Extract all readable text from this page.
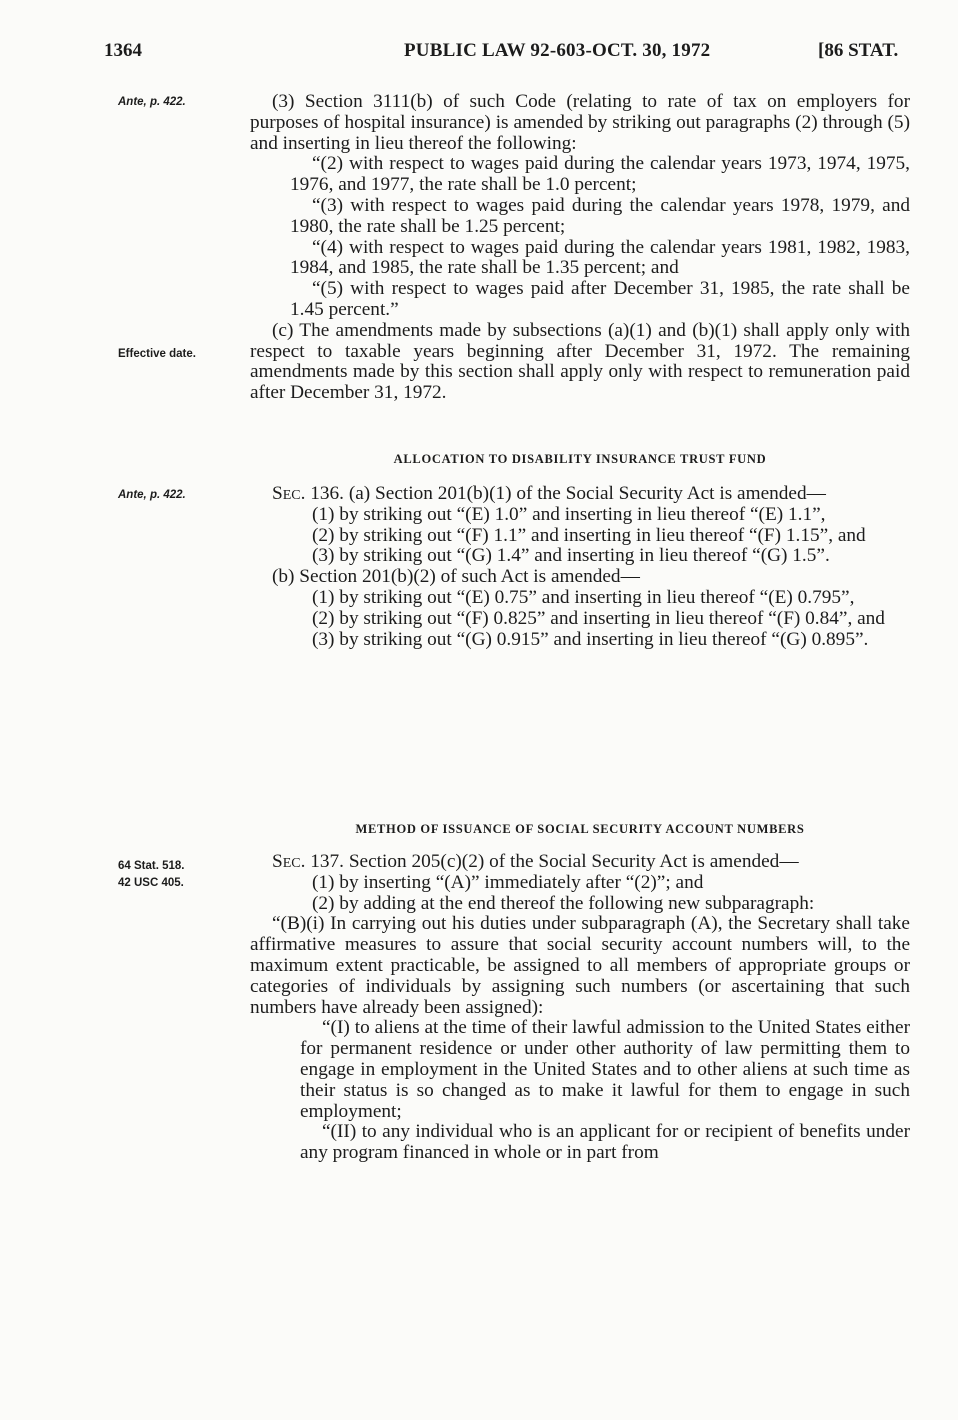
1364	PUBLIC LAW 92-603-OCT. 30, 1972	[86 STAT.
Ante, p. 422.
Effective date.
Ante, p. 422.
64 Stat. 518.
42 USC 405.

(3) Section 3111(b) of such Code (relating to rate of tax on employers for purposes of hospital insurance) is amended by striking out paragraphs (2) through (5) and inserting in lieu thereof the following:

“(2) with respect to wages paid during the calendar years 1973, 1974, 1975, 1976, and 1977, the rate shall be 1.0 percent;

“(3) with respect to wages paid during the calendar years 1978, 1979, and 1980, the rate shall be 1.25 percent;

“(4) with respect to wages paid during the calendar years 1981, 1982, 1983, 1984, and 1985, the rate shall be 1.35 percent; and

“(5) with respect to wages paid after December 31, 1985, the rate shall be 1.45 percent.”

(c) The amendments made by subsections (a)(1) and (b)(1) shall apply only with respect to taxable years beginning after December 31, 1972. The remaining amendments made by this section shall apply only with respect to remuneration paid after December 31, 1972.

ALLOCATION TO DISABILITY INSURANCE TRUST FUND

Sec. 136. (a) Section 201(b)(1) of the Social Security Act is amended—

(1) by striking out “(E) 1.0” and inserting in lieu thereof “(E) 1.1”,

(2) by striking out “(F) 1.1” and inserting in lieu thereof “(F) 1.15”, and

(3) by striking out “(G) 1.4” and inserting in lieu thereof “(G) 1.5”.

(b) Section 201(b)(2) of such Act is amended—

(1) by striking out “(E) 0.75” and inserting in lieu thereof “(E) 0.795”,

(2) by striking out “(F) 0.825” and inserting in lieu thereof “(F) 0.84”, and

(3) by striking out “(G) 0.915” and inserting in lieu thereof “(G) 0.895”.

METHOD OF ISSUANCE OF SOCIAL SECURITY ACCOUNT NUMBERS

Sec. 137. Section 205(c)(2) of the Social Security Act is amended—

(1) by inserting “(A)” immediately after “(2)”; and

(2) by adding at the end thereof the following new subparagraph:

“(B)(i) In carrying out his duties under subparagraph (A), the Secretary shall take affirmative measures to assure that social security account numbers will, to the maximum extent practicable, be assigned to all members of appropriate groups or categories of individuals by assigning such numbers (or ascertaining that such numbers have already been assigned):

“(I) to aliens at the time of their lawful admission to the United States either for permanent residence or under other authority of law permitting them to engage in employment in the United States and to other aliens at such time as their status is so changed as to make it lawful for them to engage in such employment;

“(II) to any individual who is an applicant for or recipient of benefits under any program financed in whole or in part from
